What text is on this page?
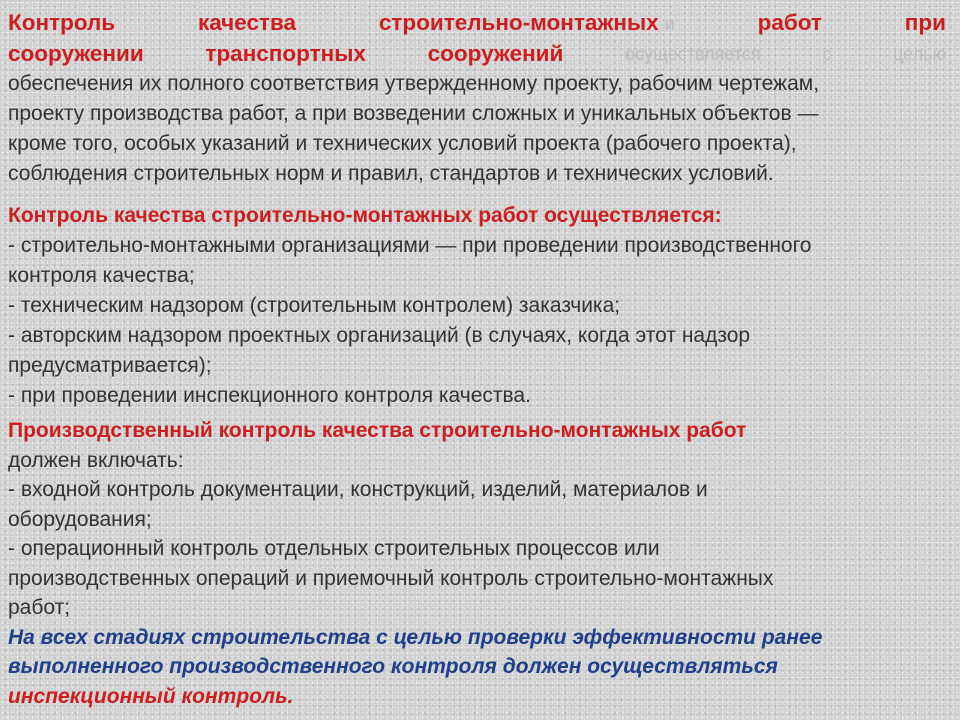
Контроль	качества	строительно-монтажных и	работ	при
сооружении	транспортных	сооружений	осуществляется	с	целью
обеспечения их полного соответствия утвержденному проекту, рабочим чертежам,
проекту производства работ, а при возведении сложных и уникальных объектов —
кроме того, особых указаний и технических условий проекта (рабочего проекта),
соблюдения строительных норм и правил, стандартов и технических условий.
Контроль качества строительно-монтажных работ осуществляется:
- строительно-монтажными организациями — при проведении производственного
контроля качества;
- техническим надзором (строительным контролем) заказчика;
- авторским надзором проектных организаций (в случаях, когда этот надзор
предусматривается);
- при проведении инспекционного контроля качества.
Производственный контроль качества строительно-монтажных работ
должен включать:
- входной контроль документации, конструкций, изделий, материалов и
оборудования;
- операционный контроль отдельных строительных процессов или
производственных операций и приемочный контроль строительно-монтажных
работ;
На всех стадиях строительства с целью проверки эффективности ранее
выполненного производственного контроля должен осуществляться
инспекционный контроль.
